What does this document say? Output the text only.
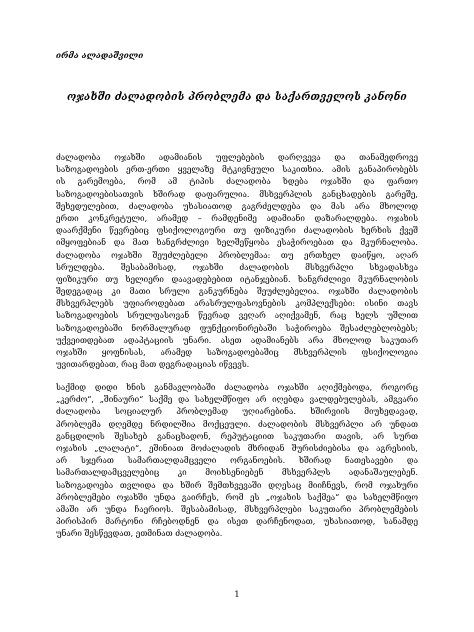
ირმა ალადაშვილი
ოჯახში ძალადობის პრობლემა და საქართველოს კანონი
ძალადობა ოჯახში ადამიანის უფლებების დარღვევა და თანამედროვე
საზოგადოების ერთ-ერთი ყველაზე მტკივნეული საკითხია. ამის განაპირობებს
ის გარემოება, რომ ამ ტიპის ძალადობა ხდება ოჯახში და ფართო
საზოგადოებისათვის ხშირად დაფარულია. მსხვერპლის განცხადების გარეშე,
შეხედულებით, ძალადობა უხასიათოდ გაგრძელდება და მას არა მხოლოდ
ერთი კონკრეტული, არამედ – რამდენიმე ადამიანი დაზარალდება. ოჯახის
დაარქმენი წევრებიც ფსიქოლოგიური თუ ფიზიკური ძალადობის ხერხის ქვეშ
იმყოფებიან და მათ ხანგრძლივი ხელშეწყობა ესაჭიროებათ და მკურნალობა.
ძალადობა ოჯახში შეუძლებელი პრობლემაა: თუ ერთხელ დაიწყო, აღარ
სრულდება. შესაბამისად, ოჯახში ძალადობის მსხვერპლი სხვადასხვა
ფიზიკური თუ ხელიერი დაავადებებით იტანჯებიან. ხანგრძლივი მკურნალობის
შედეგადაც კი მათი სრული განკურნება შეუძლებელია. ოჯახში ძალადობის
მსხვერპლებს უფიაროდებათ არასრულფასოვნების კომპლექსები: ისინი თავს
საზოგადოების სრულფასოვან წევრად ვეღარ აღიქვამენ, რაც ხელს უშლით
საზოგადოებაში ნორმალურად ფუნქციონირებაში საჭიროება შესაძლებლობებს;
უქვეითდებათ ადაპტაციის უნარი. ასეთ ადამიანებს არა მხოლოდ საკუთარ
ოჯახში ყოფნისას, არამედ საზოგადოებაშიც მსხვერპლის ფსიქოლოგია
უვითარდებათ, რაც მათ დეგრადაციას იწვევს.
საქმიდ დიდი ხნის განმავლობაში ძალადობა ოჯახში აღიქმებოდა, როგორც
„კერძო“, „შინაური“ საქმე და სახელმწიფო არ იღებდა ვალდებულებას, ამგვარი
ძალადობა სოციალურ პრობლემად უღიარებინა. ხშირვიის მიუხედავად,
პრობლემა დღემდე ნრდილშია მოქცეული. ძალადობის მსხვერპლი არ უნდათ
განცდილის შესახებ განაცხადონ, რეპუტაციით საკუთარი თავის, არ სურთ
ოჯახის „ლალატი“, ეშინიათ მოძალადის მხრიდან შურისძიებისა და აგრესიის,
არ სჯერათ სამართალდამცველი ორგანოების. ხშირად ნათესავები და
სამართალდამცველებიც კი მოიხსენიებენ მსხვერპლს ადანაშაულებენ.
საზოგადოება თვლიდა და ხშირ შემთხვევაში დღესაც მიიჩნევს, რომ ოჯახური
პრობლემები ოჯახში უნდა გაირჩეს, რომ ეს „ოჯახის საქმეა“ და სახელმწიფო
ამაში არ უნდა ჩაერიოს. შესაბამისად, მსხვერპლები საკუთარი პრობლემების
პირისპირ მარტონი რჩებოდნენ და ისეთ დარჩენოდათ, უხასიათოდ, სანამდე
უნარი შესწევდათ, ეთმინათ ძალადობა.
1
